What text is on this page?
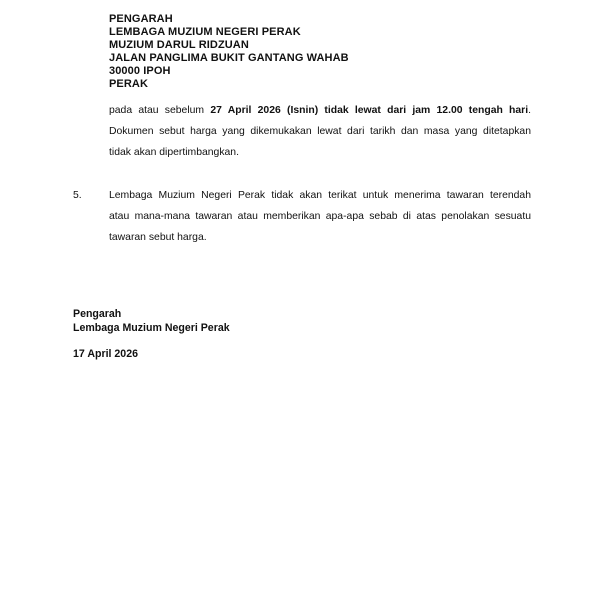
PENGARAH
LEMBAGA MUZIUM NEGERI PERAK
MUZIUM DARUL RIDZUAN
JALAN PANGLIMA BUKIT GANTANG WAHAB
30000 IPOH
PERAK
pada atau sebelum 27 April 2026 (Isnin) tidak lewat dari jam 12.00 tengah hari.
Dokumen sebut harga yang dikemukakan lewat dari tarikh dan masa yang ditetapkan
tidak akan dipertimbangkan.
5.	Lembaga Muzium Negeri Perak tidak akan terikat untuk menerima tawaran terendah
atau mana-mana tawaran atau memberikan apa-apa sebab di atas penolakan sesuatu
tawaran sebut harga.
Pengarah
Lembaga Muzium Negeri Perak
17 April 2026
